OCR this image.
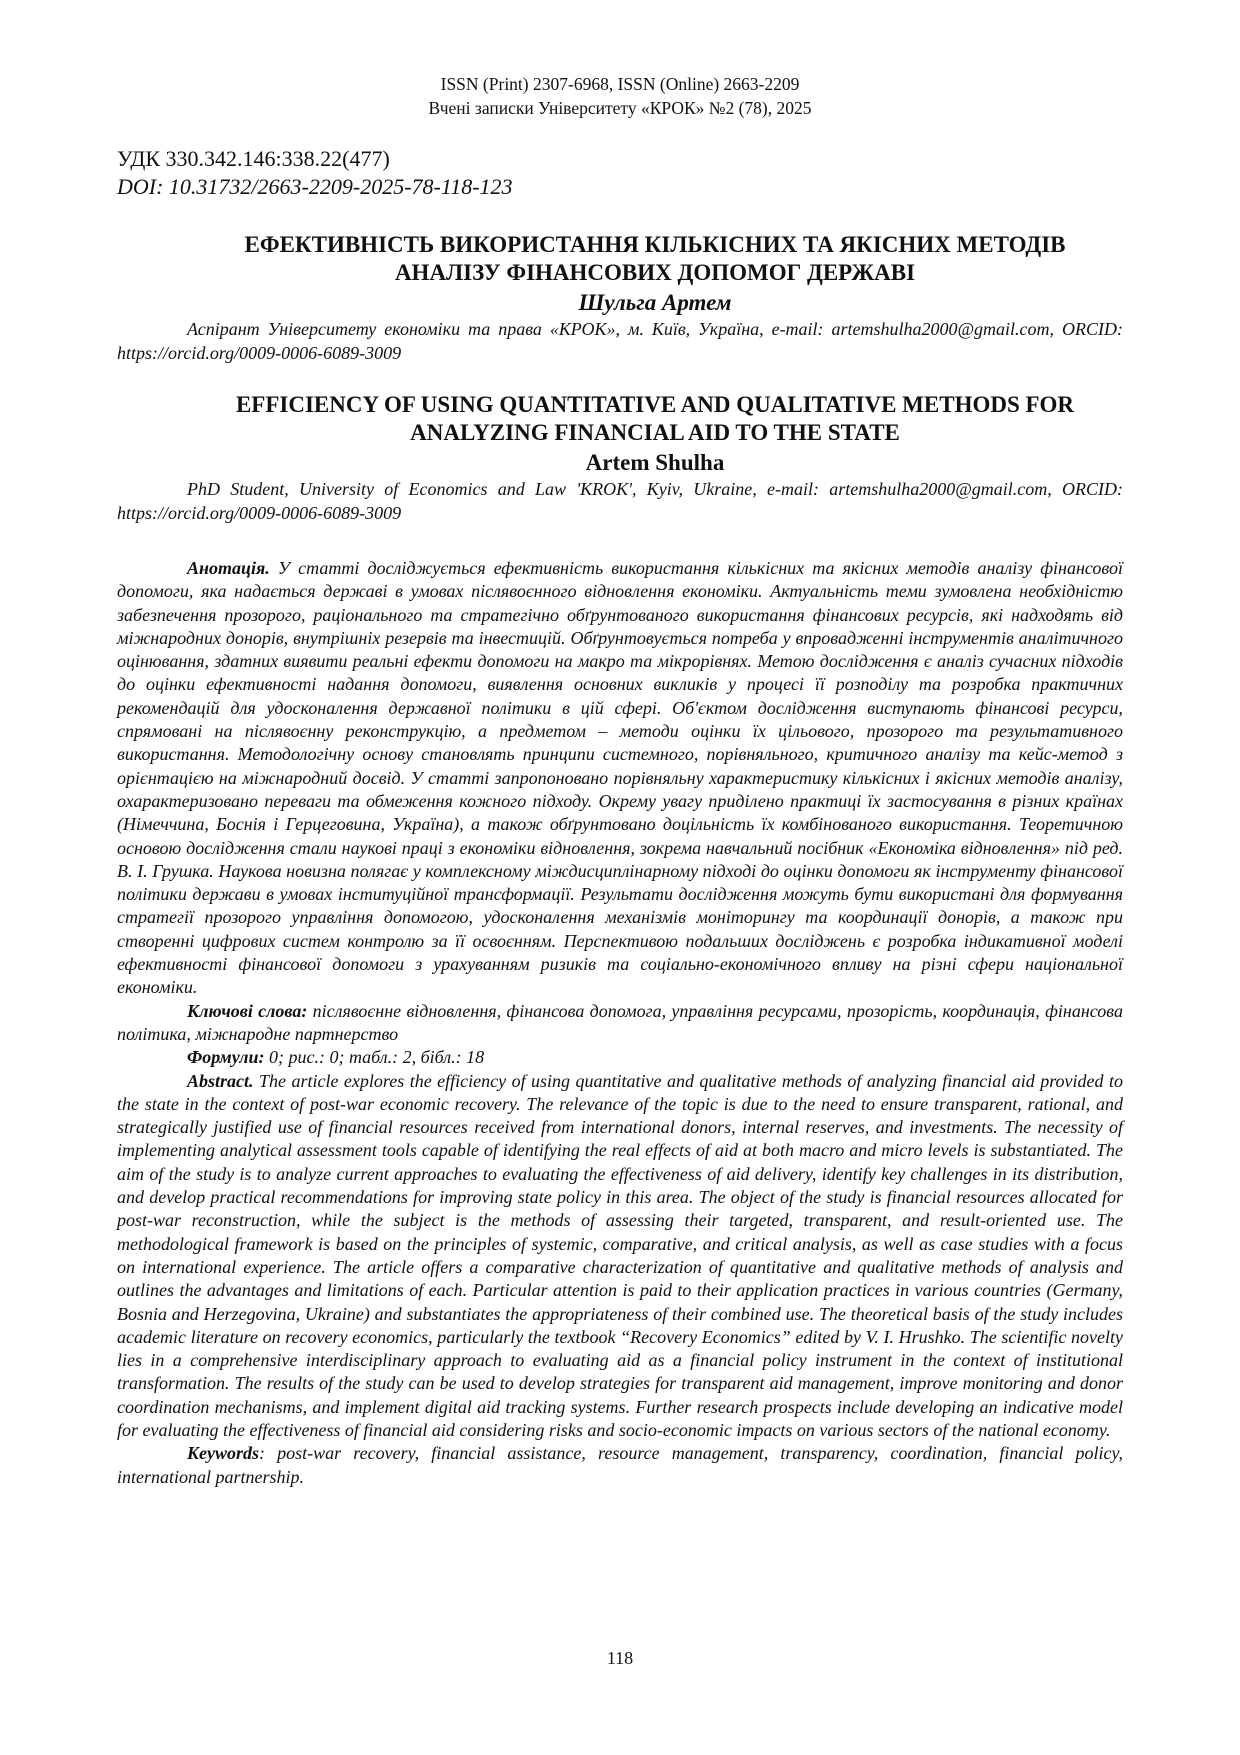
ISSN (Print) 2307-6968, ISSN (Online) 2663-2209
Вчені записки Університету «КРОК» №2 (78), 2025
УДК 330.342.146:338.22(477)
DOI: 10.31732/2663-2209-2025-78-118-123
ЕФЕКТИВНІСТЬ ВИКОРИСТАННЯ КІЛЬКІСНИХ ТА ЯКІСНИХ МЕТОДІВ
АНАЛІЗУ ФІНАНСОВИХ ДОПОМОГ ДЕРЖАВІ
Шульга Артем

Аспірант Університету економіки та права «КРОК», м. Київ, Україна, e-mail: artemshulha2000@gmail.com, ORCID: https://orcid.org/0009-0006-6089-3009

EFFICIENCY OF USING QUANTITATIVE AND QUALITATIVE METHODS FOR
ANALYZING FINANCIAL AID TO THE STATE
Artem Shulha

PhD Student, University of Economics and Law 'KROK', Kyiv, Ukraine, e-mail: artemshulha2000@gmail.com, ORCID: https://orcid.org/0009-0006-6089-3009

Анотація. У статті досліджується ефективність використання кількісних та якісних методів аналізу фінансової допомоги, яка надається державі в умовах післявоєнного відновлення економіки. Актуальність теми зумовлена необхідністю забезпечення прозорого, раціонального та стратегічно обґрунтованого використання фінансових ресурсів, які надходять від міжнародних донорів, внутрішніх резервів та інвестицій. Обґрунтовується потреба у впровадженні інструментів аналітичного оцінювання, здатних виявити реальні ефекти допомоги на макро та мікрорівнях. Метою дослідження є аналіз сучасних підходів до оцінки ефективності надання допомоги, виявлення основних викликів у процесі її розподілу та розробка практичних рекомендацій для удосконалення державної політики в цій сфері. Об'єктом дослідження виступають фінансові ресурси, спрямовані на післявоєнну реконструкцію, а предметом – методи оцінки їх цільового, прозорого та результативного використання. Методологічну основу становлять принципи системного, порівняльного, критичного аналізу та кейс-метод з орієнтацією на міжнародний досвід. У статті запропоновано порівняльну характеристику кількісних і якісних методів аналізу, охарактеризовано переваги та обмеження кожного підходу. Окрему увагу приділено практиці їх застосування в різних країнах (Німеччина, Боснія і Герцеговина, Україна), а також обґрунтовано доцільність їх комбінованого використання. Теоретичною основою дослідження стали наукові праці з економіки відновлення, зокрема навчальний посібник «Економіка відновлення» під ред. В. І. Грушка. Наукова новизна полягає у комплексному міждисциплінарному підході до оцінки допомоги як інструменту фінансової політики держави в умовах інституційної трансформації. Результати дослідження можуть бути використані для формування стратегії прозорого управління допомогою, удосконалення механізмів моніторингу та координації донорів, а також при створенні цифрових систем контролю за її освоєнням. Перспективою подальших досліджень є розробка індикативної моделі ефективності фінансової допомоги з урахуванням ризиків та соціально-економічного впливу на різні сфери національної економіки.

Ключові слова: післявоєнне відновлення, фінансова допомога, управління ресурсами, прозорість, координація, фінансова політика, міжнародне партнерство

Формули: 0; рис.: 0; табл.: 2, бібл.: 18

Abstract. The article explores the efficiency of using quantitative and qualitative methods of analyzing financial aid provided to the state in the context of post-war economic recovery. The relevance of the topic is due to the need to ensure transparent, rational, and strategically justified use of financial resources received from international donors, internal reserves, and investments. The necessity of implementing analytical assessment tools capable of identifying the real effects of aid at both macro and micro levels is substantiated. The aim of the study is to analyze current approaches to evaluating the effectiveness of aid delivery, identify key challenges in its distribution, and develop practical recommendations for improving state policy in this area. The object of the study is financial resources allocated for post-war reconstruction, while the subject is the methods of assessing their targeted, transparent, and result-oriented use. The methodological framework is based on the principles of systemic, comparative, and critical analysis, as well as case studies with a focus on international experience. The article offers a comparative characterization of quantitative and qualitative methods of analysis and outlines the advantages and limitations of each. Particular attention is paid to their application practices in various countries (Germany, Bosnia and Herzegovina, Ukraine) and substantiates the appropriateness of their combined use. The theoretical basis of the study includes academic literature on recovery economics, particularly the textbook “Recovery Economics” edited by V. I. Hrushko. The scientific novelty lies in a comprehensive interdisciplinary approach to evaluating aid as a financial policy instrument in the context of institutional transformation. The results of the study can be used to develop strategies for transparent aid management, improve monitoring and donor coordination mechanisms, and implement digital aid tracking systems. Further research prospects include developing an indicative model for evaluating the effectiveness of financial aid considering risks and socio-economic impacts on various sectors of the national economy.

Keywords: post-war recovery, financial assistance, resource management, transparency, coordination, financial policy, international partnership.

118
